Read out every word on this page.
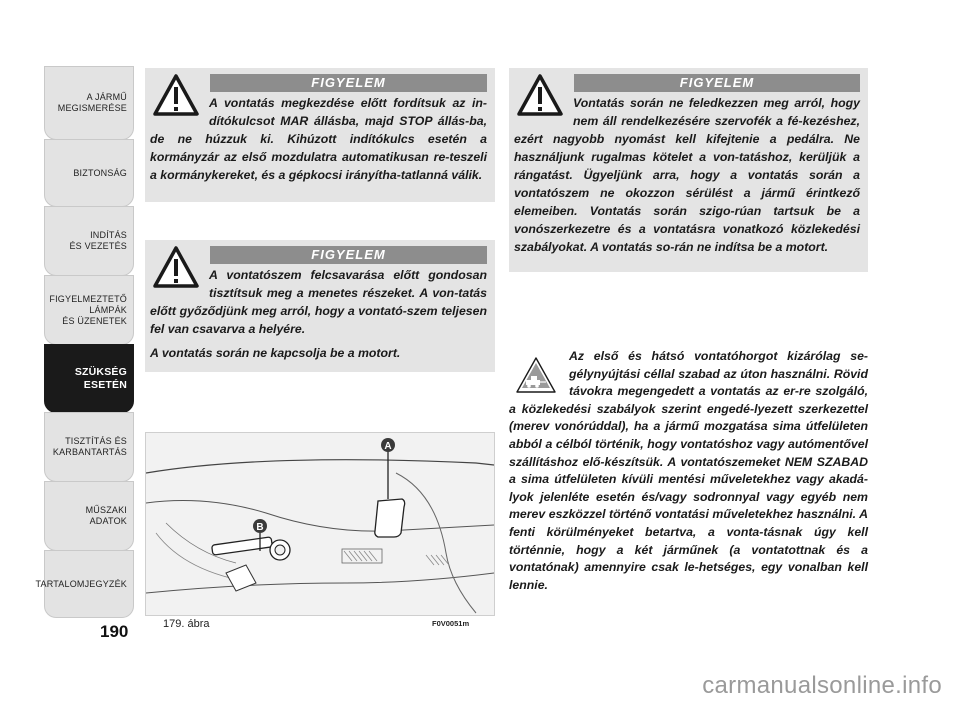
A JÁRMŰ
MEGISMERÉSE
BIZTONSÁG
INDÍTÁS
ÉS VEZETÉS
FIGYELMEZTETŐ
LÁMPÁK
ÉS ÜZENETEK
SZÜKSÉG
ESETÉN
TISZTÍTÁS ÉS
KARBANTARTÁS
MŰSZAKI
ADATOK
TARTALOMJEGYZÉK
190
FIGYELEM

A vontatás megkezdése előtt fordítsuk az in-dítókulcsot MAR állásba, majd STOP állás-ba, de ne húzzuk ki. Kihúzott indítókulcs esetén a kormányzár az első mozdulatra automatikusan re-teszeli a kormánykereket, és a gépkocsi irányítha-tatlanná válik.

FIGYELEM

A vontatószem felcsavarása előtt gondosan tisztítsuk meg a menetes részeket. A von-tatás előtt győződjünk meg arról, hogy a vontató-szem teljesen fel van csavarva a helyére.

A vontatás során ne kapcsolja be a motort.

FIGYELEM

Vontatás során ne feledkezzen meg arról, hogy nem áll rendelkezésére szervofék a fé-kezéshez, ezért nagyobb nyomást kell kifejtenie a pedálra. Ne használjunk rugalmas kötelet a von-tatáshoz, kerüljük a rángatást. Ügyeljünk arra, hogy a vontatás során a vontatószem ne okozzon sérülést a jármű érintkező elemeiben. Vontatás során szigo-rúan tartsuk be a vonószerkezetre és a vontatásra vonatkozó közlekedési szabályokat. A vontatás so-rán ne indítsa be a motort.

Az első és hátsó vontatóhorgot kizárólag se-gélynyújtási céllal szabad az úton használni. Rövid távokra megengedett a vontatás az er-re szolgáló, a közlekedési szabályok szerint engedé-lyezett szerkezettel (merev vonórúddal), ha a jármű mozgatása sima útfelületen abból a célból történik, hogy vontatóshoz vagy autómentővel szállításhoz elő-készítsük. A vontatószemeket NEM SZABAD a sima útfelületen kívüli mentési műveletekhez vagy akadá-lyok jelenléte esetén és/vagy sodronnyal vagy egyéb nem merev eszközzel történő vontatási műveletekhez használni. A fenti körülményeket betartva, a vonta-tásnak úgy kell történnie, hogy a két járműnek (a vontatottnak és a vontatónak) amennyire csak le-hetséges, egy vonalban kell lennie.

A
B
179. ábra	F0V0051m
carmanualsonline.info
